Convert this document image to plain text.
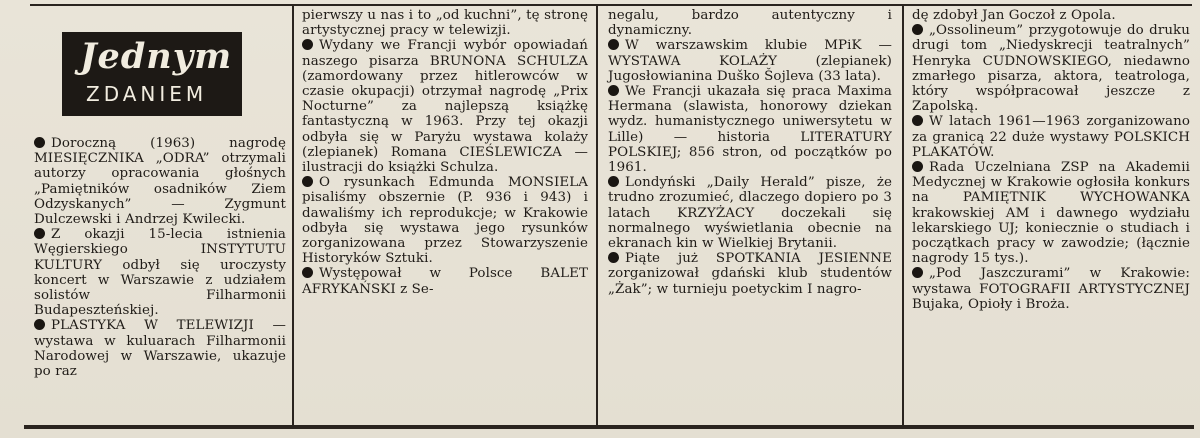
Jednym
ZDANIEM

Doroczną (1963) nagrodę MIESIĘCZNIKA „ODRA” otrzymali autorzy opracowania głośnych „Pamiętników osadników Ziem Odzyskanych” — Zygmunt Dulczewski i Andrzej Kwilecki.

Z okazji 15-lecia istnienia Węgierskiego INSTYTUTU KULTURY odbył się uroczysty koncert w Warszawie z udziałem solistów Filharmonii Budapeszteńskiej.

PLASTYKA W TELEWIZJI — wystawa w kuluarach Filharmonii Narodowej w Warszawie, ukazuje po raz

pierwszy u nas i to „od kuchni”, tę stronę artystycznej pracy w telewizji.

Wydany we Francji wybór opowiadań naszego pisarza BRUNONA SCHULZA (zamordowany przez hitlerowców w czasie okupacji) otrzymał nagrodę „Prix Nocturne” za najlepszą książkę fantastyczną w 1963. Przy tej okazji odbyła się w Paryżu wystawa kolaży (zlepianek) Romana CIEŚLEWICZA — ilustracji do książki Schulza.

O rysunkach Edmunda MONSIELA pisaliśmy obszernie (P. 936 i 943) i dawaliśmy ich reprodukcje; w Krakowie odbyła się wystawa jego rysunków zorganizowana przez Stowarzyszenie Historyków Sztuki.

Występował w Polsce BALET AFRYKAŃSKI z Se-

negalu, bardzo autentyczny i dynamiczny.

W warszawskim klubie MPiK — WYSTAWA KOLAŻY (zlepianek) Jugosłowianina Duško Šojleva (33 lata).

We Francji ukazała się praca Maxima Hermana (slawista, honorowy dziekan wydz. humanistycznego uniwersytetu w Lille) — historia LITERATURY POLSKIEJ; 856 stron, od początków po 1961.

Londyński „Daily Herald” pisze, że trudno zrozumieć, dlaczego dopiero po 3 latach KRZYŻACY doczekali się normalnego wyświetlania obecnie na ekranach kin w Wielkiej Brytanii.

Piąte już SPOTKANIA JESIENNE zorganizował gdański klub studentów „Żak”; w turnieju poetyckim I nagro-

dę zdobył Jan Goczoł z Opola.

„Ossolineum” przygotowuje do druku drugi tom „Niedyskrecji teatralnych” Henryka CUDNOWSKIEGO, niedawno zmarłego pisarza, aktora, teatrologa, który współpracował jeszcze z Zapolską.

W latach 1961—1963 zorganizowano za granicą 22 duże wystawy POLSKICH PLAKATÓW.

Rada Uczelniana ZSP na Akademii Medycznej w Krakowie ogłosiła konkurs na PAMIĘTNIK WYCHOWANKA krakowskiej AM i dawnego wydziału lekarskiego UJ; koniecznie o studiach i początkach pracy w zawodzie; (łącznie nagrody 15 tys.).

„Pod Jaszczurami” w Krakowie: wystawa FOTOGRAFII ARTYSTYCZNEJ Bujaka, Opioły i Broża.
